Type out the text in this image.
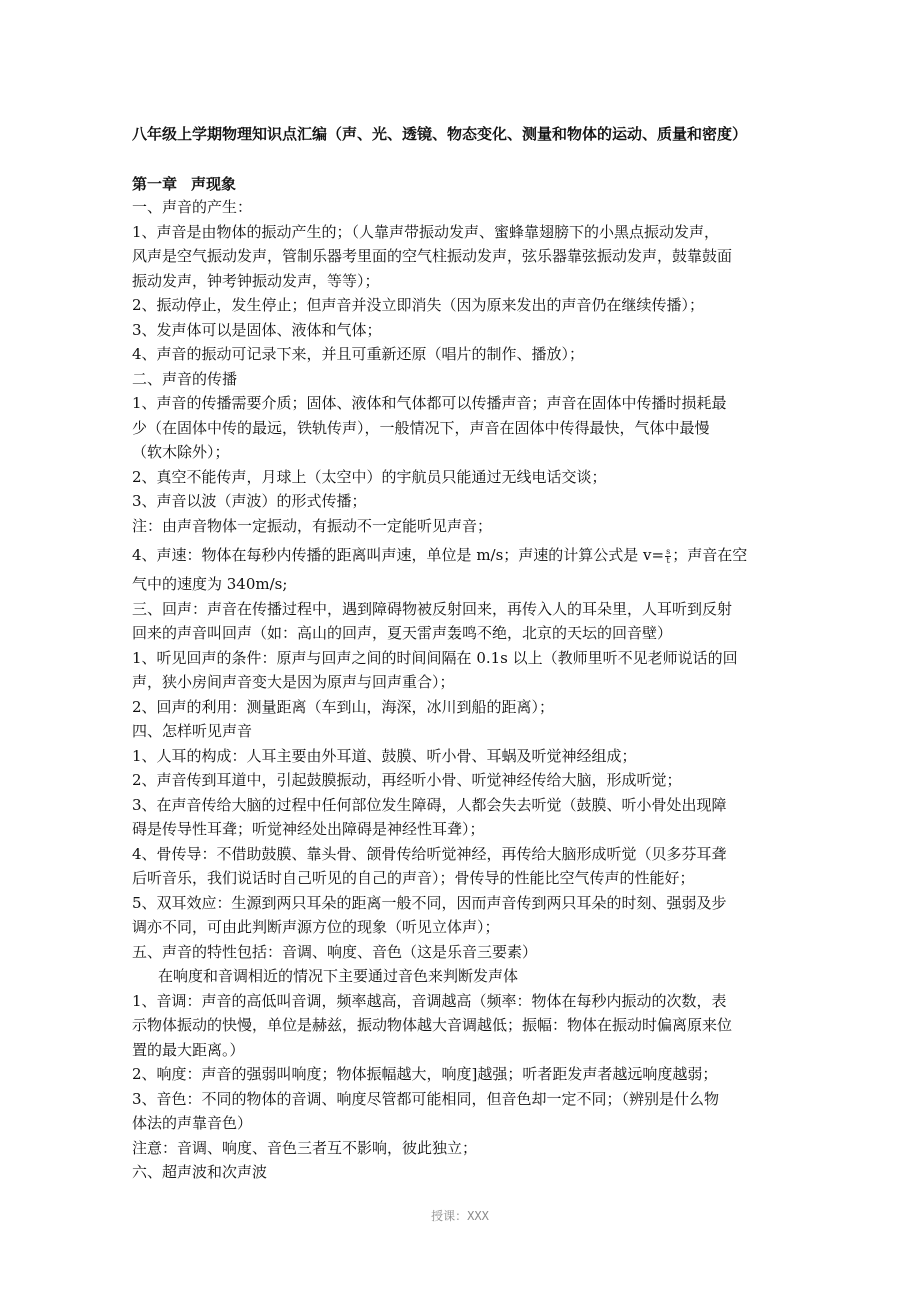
八年级上学期物理知识点汇编（声、光、透镜、物态变化、测量和物体的运动、质量和密度）
第一章 声现象
一、声音的产生：
1、声音是由物体的振动产生的；（人靠声带振动发声、蜜蜂靠翅膀下的小黑点振动发声，
风声是空气振动发声，管制乐器考里面的空气柱振动发声，弦乐器靠弦振动发声，鼓靠鼓面
振动发声，钟考钟振动发声，等等）；
2、振动停止，发生停止；但声音并没立即消失（因为原来发出的声音仍在继续传播）；
3、发声体可以是固体、液体和气体；
4、声音的振动可记录下来，并且可重新还原（唱片的制作、播放）；
二、声音的传播
1、声音的传播需要介质；固体、液体和气体都可以传播声音；声音在固体中传播时损耗最
少（在固体中传的最远，铁轨传声），一般情况下，声音在固体中传得最快，气体中最慢
（软木除外）；
2、真空不能传声，月球上（太空中）的宇航员只能通过无线电话交谈；
3、声音以波（声波）的形式传播；
注：由声音物体一定振动，有振动不一定能听见声音；
4、声速：物体在每秒内传播的距离叫声速，单位是 m/s；声速的计算公式是 $v= \frac{s}{t}$ ；声音在空
气中的速度为 340m/s;
三、回声：声音在传播过程中，遇到障碍物被反射回来，再传入人的耳朵里，人耳听到反射
回来的声音叫回声（如：高山的回声，夏天雷声轰鸣不绝，北京的天坛的回音壁）
1、听见回声的条件：原声与回声之间的时间间隔在 0.1s 以上（教师里听不见老师说话的回
声，狭小房间声音变大是因为原声与回声重合）；
2、回声的利用：测量距离（车到山，海深，冰川到船的距离）；
四、怎样听见声音
1、人耳的构成：人耳主要由外耳道、鼓膜、听小骨、耳蜗及听觉神经组成；
2、声音传到耳道中，引起鼓膜振动，再经听小骨、听觉神经传给大脑，形成听觉；
3、在声音传给大脑的过程中任何部位发生障碍，人都会失去听觉（鼓膜、听小骨处出现障
碍是传导性耳聋；听觉神经处出障碍是神经性耳聋）；
4、骨传导：不借助鼓膜、靠头骨、颌骨传给听觉神经，再传给大脑形成听觉（贝多芬耳聋
后听音乐，我们说话时自己听见的自己的声音）；骨传导的性能比空气传声的性能好；
5、双耳效应：生源到两只耳朵的距离一般不同，因而声音传到两只耳朵的时刻、强弱及步
调亦不同，可由此判断声源方位的现象（听见立体声）；
五、声音的特性包括：音调、响度、音色（这是乐音三要素）
在响度和音调相近的情况下主要通过音色来判断发声体
1、音调：声音的高低叫音调，频率越高，音调越高（频率：物体在每秒内振动的次数，表
示物体振动的快慢，单位是赫兹，振动物体越大音调越低；振幅：物体在振动时偏离原来位
置的最大距离。）
2、响度：声音的强弱叫响度；物体振幅越大，响度]越强；听者距发声者越远响度越弱；
3、音色：不同的物体的音调、响度尽管都可能相同，但音色却一定不同；（辨别是什么物
体法的声靠音色）
注意：音调、响度、音色三者互不影响，彼此独立；
六、超声波和次声波
授课：XXX
